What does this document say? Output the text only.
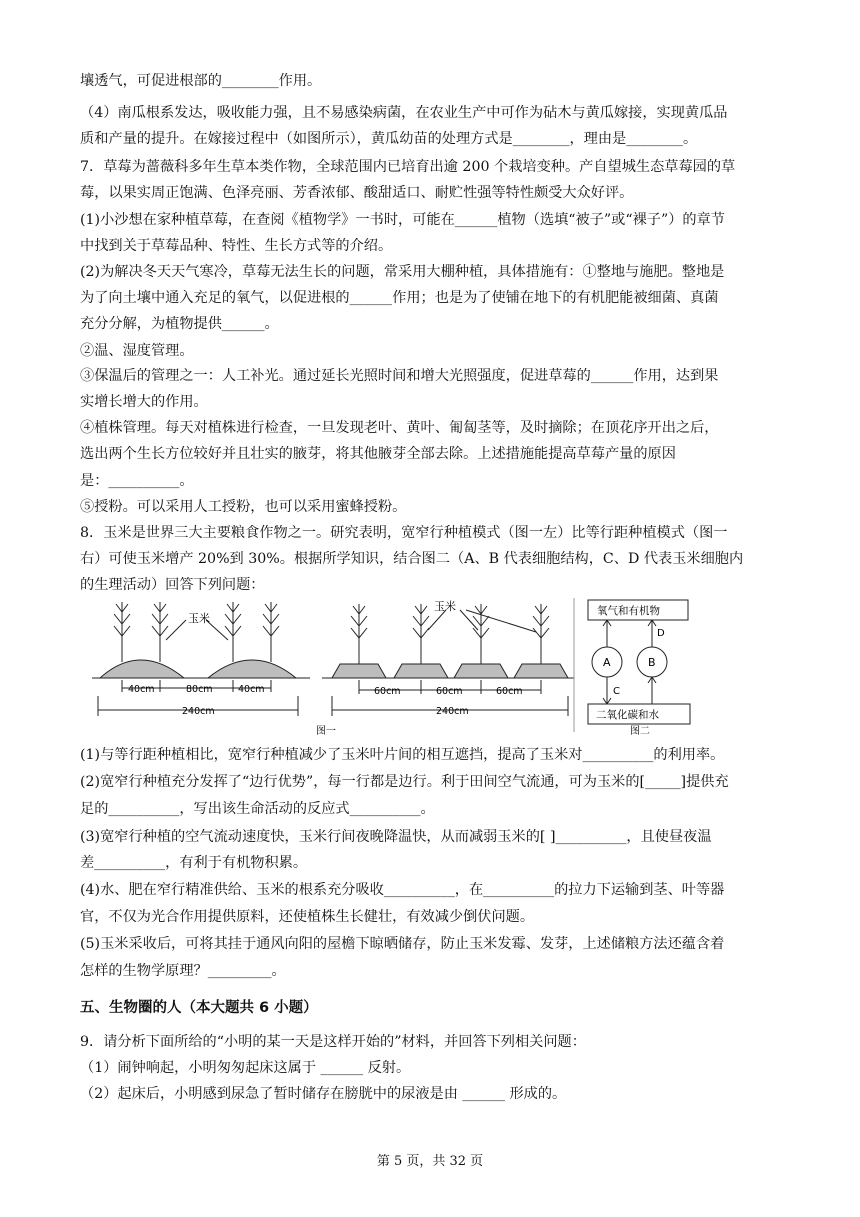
壤透气，可促进根部的________作用。
（4）南瓜根系发达，吸收能力强，且不易感染病菌，在农业生产中可作为砧木与黄瓜嫁接，实现黄瓜品
质和产量的提升。在嫁接过程中（如图所示），黄瓜幼苗的处理方式是________，理由是________。
7．草莓为蔷薇科多年生草本类作物，全球范围内已培育出逾 200 个栽培变种。产自望城生态草莓园的草
莓，以果实周正饱满、色泽亮丽、芳香浓郁、酸甜适口、耐贮性强等特性颇受大众好评。
(1)小沙想在家种植草莓，在查阅《植物学》一书时，可能在______植物（选填“被子”或“裸子”）的章节
中找到关于草莓品种、特性、生长方式等的介绍。
(2)为解决冬天天气寒冷，草莓无法生长的问题，常采用大棚种植，具体措施有：①整地与施肥。整地是
为了向土壤中通入充足的氧气，以促进根的______作用；也是为了使铺在地下的有机肥能被细菌、真菌
充分分解，为植物提供______。
②温、湿度管理。
③保温后的管理之一：人工补光。通过延长光照时间和增大光照强度，促进草莓的______作用，达到果
实增长增大的作用。
④植株管理。每天对植株进行检查，一旦发现老叶、黄叶、匍匐茎等，及时摘除；在顶花序开出之后，
选出两个生长方位较好并且壮实的腋芽，将其他腋芽全部去除。上述措施能提高草莓产量的原因
是：__________。
⑤授粉。可以采用人工授粉，也可以采用蜜蜂授粉。
8．玉米是世界三大主要粮食作物之一。研究表明，宽窄行种植模式（图一左）比等行距种植模式（图一
右）可使玉米增产 20%到 30%。根据所学知识，结合图二（A、B 代表细胞结构，C、D 代表玉米细胞内
的生理活动）回答下列问题：
玉米
40cm	80cm	40cm
240cm
玉米
60cm	60cm	60cm
240cm
图一
氧气和有机物
二氧化碳和水
A	B
C
D
图二
(1)与等行距种植相比，宽窄行种植减少了玉米叶片间的相互遮挡，提高了玉米对__________的利用率。
(2)宽窄行种植充分发挥了“边行优势”，每一行都是边行。利于田间空气流通，可为玉米的[_____]提供充
足的__________，写出该生命活动的反应式__________。
(3)宽窄行种植的空气流动速度快，玉米行间夜晚降温快，从而减弱玉米的[ ]__________，且使昼夜温
差__________，有利于有机物积累。
(4)水、肥在窄行精准供给、玉米的根系充分吸收__________，在__________的拉力下运输到茎、叶等器
官，不仅为光合作用提供原料，还使植株生长健壮，有效减少倒伏问题。
(5)玉米采收后，可将其挂于通风向阳的屋檐下晾晒储存，防止玉米发霉、发芽，上述储粮方法还蕴含着
怎样的生物学原理？_________。
五、生物圈的人（本大题共 6 小题）
9．请分析下面所给的“小明的某一天是这样开始的”材料，并回答下列相关问题：
（1）闹钟响起，小明匆匆起床这属于 ______ 反射。
（2）起床后，小明感到尿急了暂时储存在膀胱中的尿液是由 ______ 形成的。
第 5 页，共 32 页
